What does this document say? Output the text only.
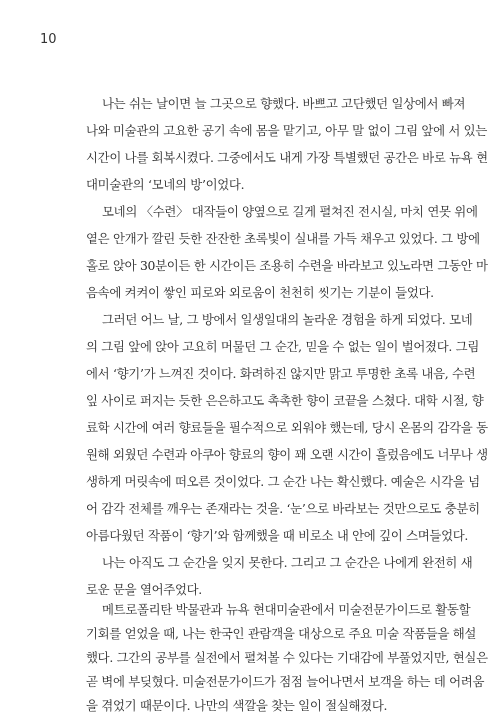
10
나는 쉬는 날이면 늘 그곳으로 향했다. 바쁘고 고단했던 일상에서 빠져
나와 미술관의 고요한 공기 속에 몸을 맡기고, 아무 말 없이 그림 앞에 서 있는
시간이 나를 회복시켰다. 그중에서도 내게 가장 특별했던 공간은 바로 뉴욕 현
대미술관의 ‘모네의 방’이었다.
모네의 〈수련〉 대작들이 양옆으로 길게 펼쳐진 전시실, 마치 연못 위에
옅은 안개가 깔린 듯한 잔잔한 초록빛이 실내를 가득 채우고 있었다. 그 방에
홀로 앉아 30분이든 한 시간이든 조용히 수련을 바라보고 있노라면 그동안 마
음속에 켜켜이 쌓인 피로와 외로움이 천천히 씻기는 기분이 들었다.
그러던 어느 날, 그 방에서 일생일대의 놀라운 경험을 하게 되었다. 모네
의 그림 앞에 앉아 고요히 머물던 그 순간, 믿을 수 없는 일이 벌어졌다. 그림
에서 ‘향기’가 느껴진 것이다. 화려하진 않지만 맑고 투명한 초록 내음, 수련
잎 사이로 퍼지는 듯한 은은하고도 촉촉한 향이 코끝을 스쳤다. 대학 시절, 향
료학 시간에 여러 향료들을 필수적으로 외워야 했는데, 당시 온몸의 감각을 동
원해 외웠던 수련과 아쿠아 향료의 향이 꽤 오랜 시간이 흘렀음에도 너무나 생
생하게 머릿속에 떠오른 것이었다. 그 순간 나는 확신했다. 예술은 시각을 넘
어 감각 전체를 깨우는 존재라는 것을. ‘눈’으로 바라보는 것만으로도 충분히
아름다웠던 작품이 ‘향기’와 함께했을 때 비로소 내 안에 깊이 스며들었다.
나는 아직도 그 순간을 잊지 못한다. 그리고 그 순간은 나에게 완전히 새
로운 문을 열어주었다.
메트로폴리탄 박물관과 뉴욕 현대미술관에서 미술전문가이드로 활동할
기회를 얻었을 때, 나는 한국인 관람객을 대상으로 주요 미술 작품들을 해설
했다. 그간의 공부를 실전에서 펼쳐볼 수 있다는 기대감에 부풀었지만, 현실은
곧 벽에 부딪혔다. 미술전문가이드가 점점 늘어나면서 보객을 하는 데 어려움
을 겪었기 때문이다. 나만의 색깔을 찾는 일이 절실해졌다.
